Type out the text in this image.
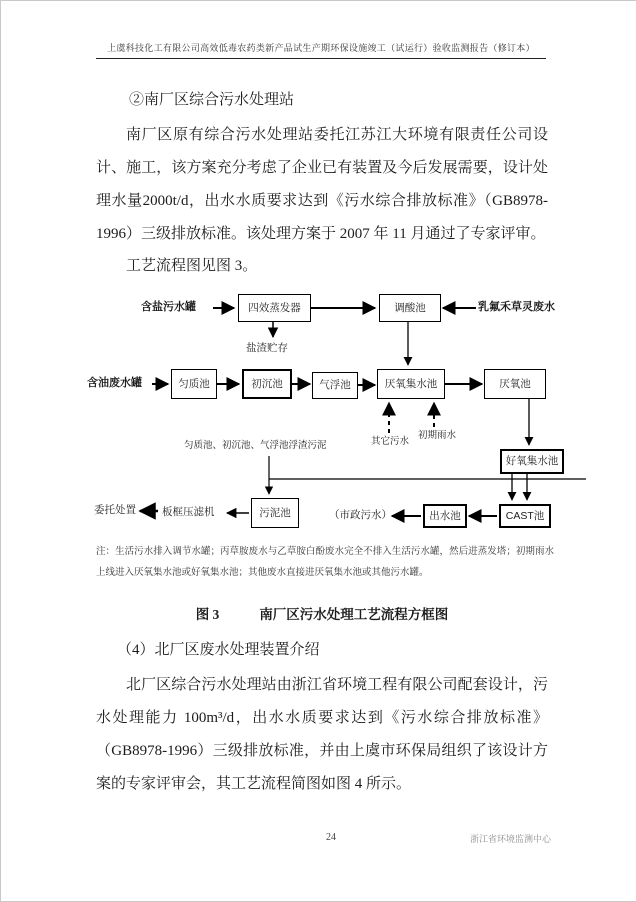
上虞科技化工有限公司高效低毒农药类新产品试生产期环保设施竣工（试运行）验收监测报告（修订本）
②南厂区综合污水处理站
南厂区原有综合污水处理站委托江苏江大环境有限责任公司设计、施工，该方案充分考虑了企业已有装置及今后发展需要，设计处理水量2000t/d，出水水质要求达到《污水综合排放标准》（GB8978-1996）三级排放标准。该处理方案于 2007 年 11 月通过了专家评审。
工艺流程图见图 3。
含盐污水罐	乳氟禾草灵废水
含油废水罐
其它污水
初期雨水
四效蒸发器	调酸池
匀质池	初沉池	气浮池	厌氧集水池	厌氧池
好氧集水池
CAST池
出水池
污泥池
盐渣贮存
匀质池、初沉池、气浮池浮渣污泥
（市政污水）
板框压滤机
委托处置
注：生活污水排入调节水罐；丙草胺废水与乙草胺白酚废水完全不排入生活污水罐，然后进蒸发塔；初期雨水上线进入厌氧集水池或好氧集水池；其他废水直接进厌氧集水池或其他污水罐。
图 3	南厂区污水处理工艺流程方框图
（4）北厂区废水处理装置介绍
北厂区综合污水处理站由浙江省环境工程有限公司配套设计，污水处理能力 100m³/d，出水水质要求达到《污水综合排放标准》（GB8978-1996）三级排放标准，并由上虞市环保局组织了该设计方案的专家评审会，其工艺流程简图如图 4 所示。
24	浙江省环境监测中心
